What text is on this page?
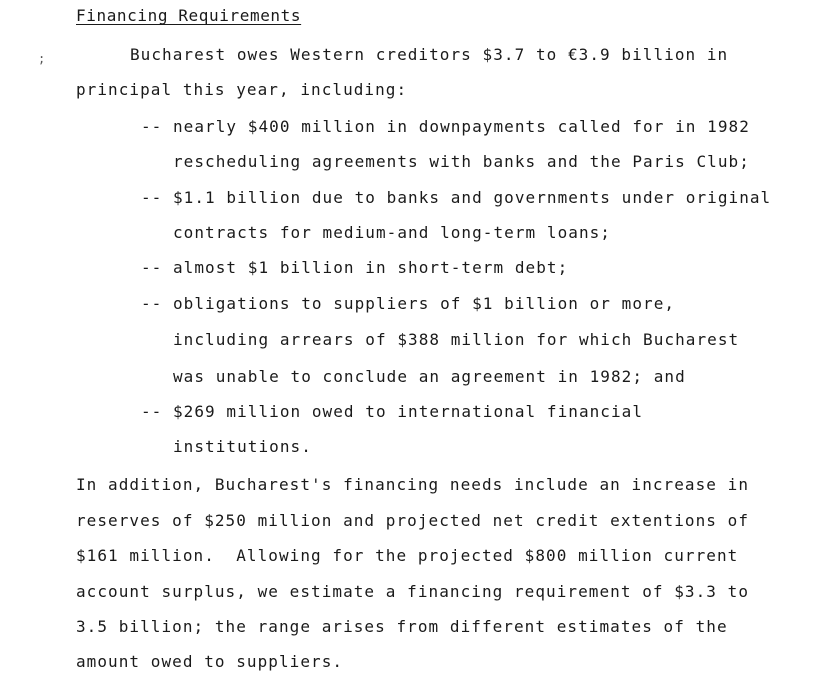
Financing Requirements
;	Bucharest owes Western creditors $3.7 to €3.9 billion in
principal this year, including:
-- nearly $400 million in downpayments called for in 1982
rescheduling agreements with banks and the Paris Club;
-- $1.1 billion due to banks and governments under original
contracts for medium-and long-term loans;
-- almost $1 billion in short-term debt;
-- obligations to suppliers of $1 billion or more,
including arrears of $388 million for which Bucharest
was unable to conclude an agreement in 1982; and
-- $269 million owed to international financial
institutions.
In addition, Bucharest's financing needs include an increase in
reserves of $250 million and projected net credit extentions of
$161 million.  Allowing for the projected $800 million current
account surplus, we estimate a financing requirement of $3.3 to
3.5 billion; the range arises from different estimates of the
amount owed to suppliers.
